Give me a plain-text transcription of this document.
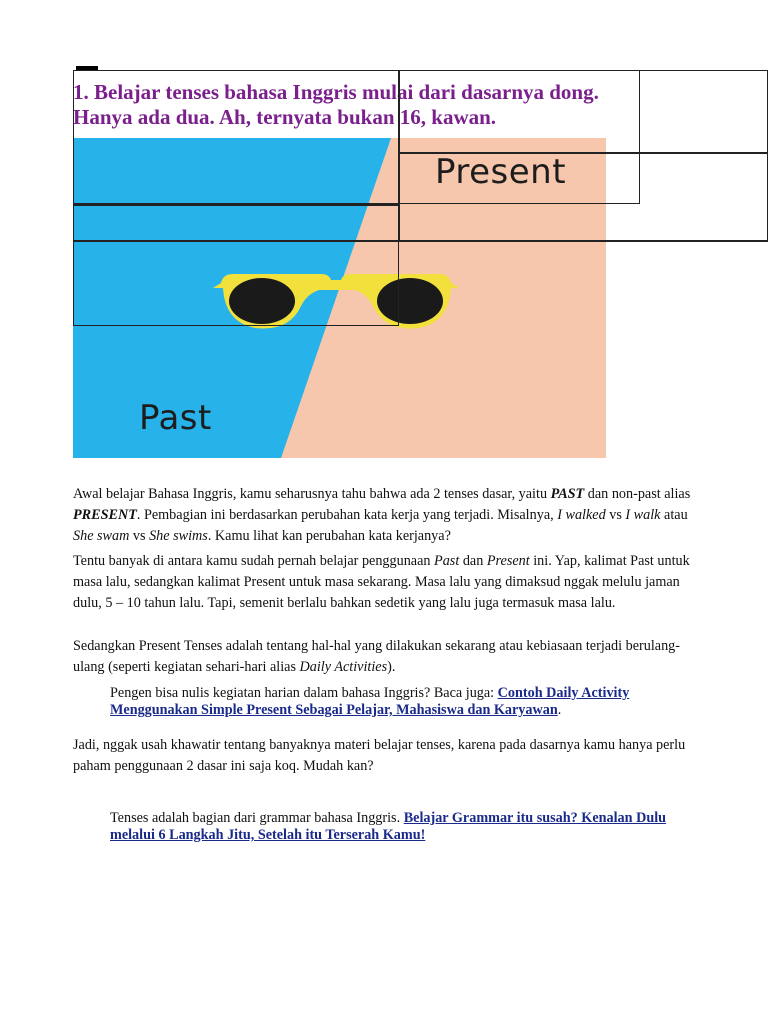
1. Belajar tenses bahasa Inggris mulai dari dasarnya dong.
Hanya ada dua. Ah, ternyata bukan 16, kawan.
Present
Past

Awal belajar Bahasa Inggris, kamu seharusnya tahu bahwa ada 2 tenses dasar, yaitu PAST dan non-past alias PRESENT. Pembagian ini berdasarkan perubahan kata kerja yang terjadi. Misalnya, I walked vs I walk atau She swam vs She swims. Kamu lihat kan perubahan kata kerjanya?

Tentu banyak di antara kamu sudah pernah belajar penggunaan Past dan Present ini. Yap, kalimat Past untuk masa lalu, sedangkan kalimat Present untuk masa sekarang. Masa lalu yang dimaksud nggak melulu jaman dulu, 5 – 10 tahun lalu. Tapi, semenit berlalu bahkan sedetik yang lalu juga termasuk masa lalu.

Sedangkan Present Tenses adalah tentang hal-hal yang dilakukan sekarang atau kebiasaan terjadi berulang-ulang (seperti kegiatan sehari-hari alias Daily Activities).

Pengen bisa nulis kegiatan harian dalam bahasa Inggris? Baca juga: Contoh Daily Activity Menggunakan Simple Present Sebagai Pelajar, Mahasiswa dan Karyawan.

Jadi, nggak usah khawatir tentang banyaknya materi belajar tenses, karena pada dasarnya kamu hanya perlu paham penggunaan 2 dasar ini saja koq. Mudah kan?

Tenses adalah bagian dari grammar bahasa Inggris. Belajar Grammar itu susah? Kenalan Dulu melalui 6 Langkah Jitu, Setelah itu Terserah Kamu!
